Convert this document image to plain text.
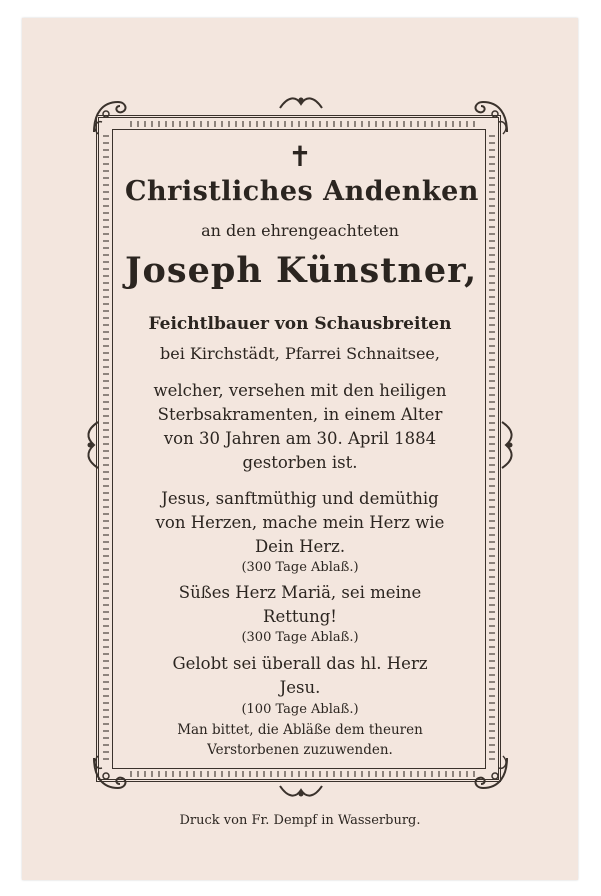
✝
Christliches Andenken
an den ehrengeachteten
Joseph Künstner,
Feichtlbauer von Schausbreiten
bei Kirchstädt, Pfarrei Schnaitsee,
welcher, versehen mit den heiligen
Sterbsakramenten, in einem Alter
von 30 Jahren am 30. April 1884
gestorben ist.
Jesus, sanftmüthig und demüthig
von Herzen, mache mein Herz wie
Dein Herz.
(300 Tage Ablaß.)
Süßes Herz Mariä, sei meine
Rettung!
(300 Tage Ablaß.)
Gelobt sei überall das hl. Herz
Jesu.
(100 Tage Ablaß.)
Man bittet, die Abläße dem theuren
Verstorbenen zuzuwenden.
Druck von Fr. Dempf in Wasserburg.
